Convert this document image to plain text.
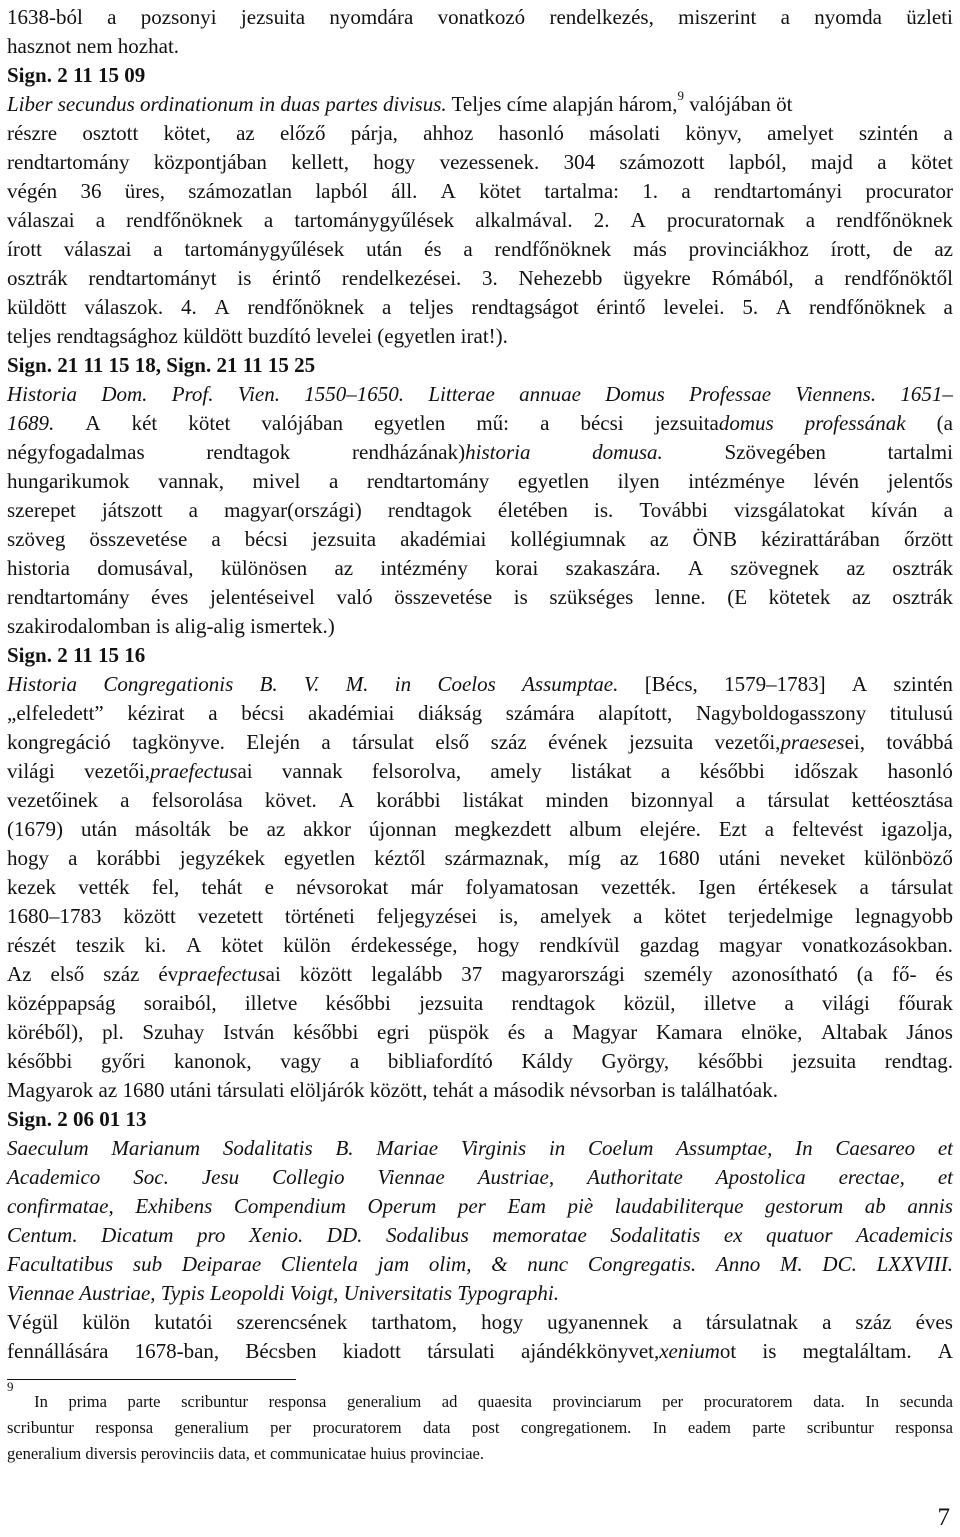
1638-ból a pozsonyi jezsuita nyomdára vonatkozó rendelkezés, miszerint a nyomda üzleti
hasznot nem hozhat.
Sign. 2 11 15 09
Liber secundus ordinationum in duas partes divisus. Teljes címe alapján három,$^9$ valójában öt
részre osztott kötet, az előző párja, ahhoz hasonló másolati könyv, amelyet szintén a
rendtartomány központjában kellett, hogy vezessenek. 304 számozott lapból, majd a kötet
végén 36 üres, számozatlan lapból áll. A kötet tartalma: 1. a rendtartományi procurator
válaszai a rendfőnöknek a tartománygyűlések alkalmával. 2. A procuratornak a rendfőnöknek
írott válaszai a tartománygyűlések után és a rendfőnöknek más provinciákhoz írott, de az
osztrák rendtartományt is érintő rendelkezései. 3. Nehezebb ügyekre Rómából, a rendfőnöktől
küldött válaszok. 4. A rendfőnöknek a teljes rendtagságot érintő levelei. 5. A rendfőnöknek a
teljes rendtagsághoz küldött buzdító levelei (egyetlen irat!).
Sign. 21 11 15 18, Sign. 21 11 15 25
Historia Dom. Prof. Vien. 1550–1650. Litterae annuae Domus Professae Viennens. 1651–
1689. A két kötet valójában egyetlen mű: a bécsi jezsuitadomus professának (a
négyfogadalmas	rendtagok	rendházának)historia	domusa.	Szövegében	tartalmi
hungarikumok vannak, mivel a rendtartomány egyetlen ilyen intézménye lévén jelentős
szerepet játszott a magyar(országi) rendtagok életében is. További vizsgálatokat kíván a
szöveg összevetése a bécsi jezsuita akadémiai kollégiumnak az ÖNB kézirattárában őrzött
historia domusával, különösen az intézmény korai szakaszára. A szövegnek az osztrák
rendtartomány éves jelentéseivel való összevetése is szükséges lenne. (E kötetek az osztrák
szakirodalomban is alig-alig ismertek.)
Sign. 2 11 15 16
Historia Congregationis B. V. M. in Coelos Assumptae. [Bécs, 1579–1783] A szintén
„elfeledett” kézirat a bécsi akadémiai diákság számára alapított, Nagyboldogasszony titulusú
kongregáció tagkönyve. Elején a társulat első száz évének jezsuita vezetői,praesesei, továbbá
világi vezetői,praefectusai vannak felsorolva, amely listákat a későbbi időszak hasonló
vezetőinek a felsorolása követ. A korábbi listákat minden bizonnyal a társulat kettéosztása
(1679) után másolták be az akkor újonnan megkezdett album elejére. Ezt a feltevést igazolja,
hogy a korábbi jegyzékek egyetlen kéztől származnak, míg az 1680 utáni neveket különböző
kezek vették fel, tehát e névsorokat már folyamatosan vezették. Igen értékesek a társulat
1680–1783 között vezetett történeti feljegyzései is, amelyek a kötet terjedelmige legnagyobb
részét teszik ki. A kötet külön érdekessége, hogy rendkívül gazdag magyar vonatkozásokban.
Az első száz évpraefectusai között legalább 37 magyarországi személy azonosítható (a fő- és
középpapság soraiból, illetve későbbi jezsuita rendtagok közül, illetve a világi főurak
köréből), pl. Szuhay István későbbi egri püspök és a Magyar Kamara elnöke, Altabak János
későbbi győri kanonok, vagy a bibliafordító Káldy György, későbbi jezsuita rendtag.
Magyarok az 1680 utáni társulati elöljárók között, tehát a második névsorban is találhatóak.
Sign. 2 06 01 13
Saeculum Marianum Sodalitatis B. Mariae Virginis in Coelum Assumptae, In Caesareo et
Academico Soc. Jesu Collegio Viennae Austriae, Authoritate Apostolica erectae, et
confirmatae, Exhibens Compendium Operum per Eam piè laudabiliterque gestorum ab annis
Centum. Dicatum pro Xenio. DD. Sodalibus memoratae Sodalitatis ex quatuor Academicis
Facultatibus sub Deiparae Clientela jam olim, & nunc Congregatis. Anno M. DC. LXXVIII.
Viennae Austriae, Typis Leopoldi Voigt, Universitatis Typographi.
Végül külön kutatói szerencsének tarthatom, hogy ugyanennek a társulatnak a száz éves
fennállására 1678-ban, Bécsben kiadott társulati ajándékkönyvet,xeniumot is megtaláltam. A
$^9$
In prima parte scribuntur responsa generalium ad quaesita provinciarum per procuratorem data. In secunda
scribuntur responsa generalium per procuratorem data post congregationem. In eadem parte scribuntur responsa
generalium diversis perovinciis data, et communicatae huius provinciae.
7
